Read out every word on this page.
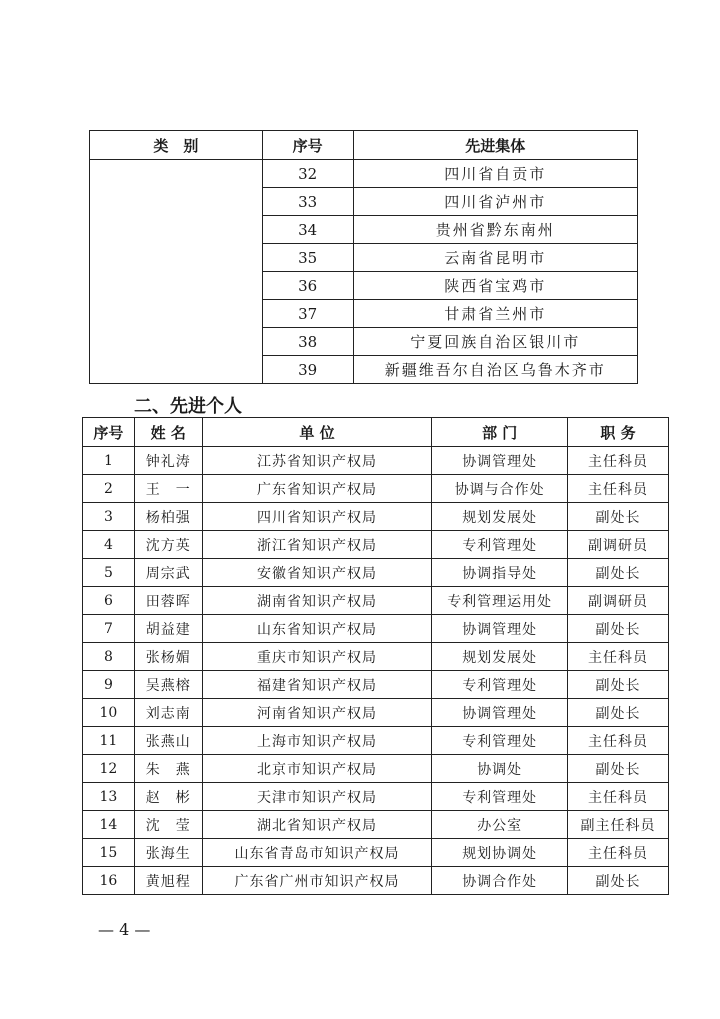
类　别	序号	先进集体
	32	四川省自贡市
	33	四川省泸州市
	34	贵州省黔东南州
	35	云南省昆明市
	36	陕西省宝鸡市
	37	甘肃省兰州市
	38	宁夏回族自治区银川市
	39	新疆维吾尔自治区乌鲁木齐市
二、先进个人
序号	姓 名	单 位	部 门	职 务
1	钟礼涛	江苏省知识产权局	协调管理处	主任科员
2	王　一	广东省知识产权局	协调与合作处	主任科员
3	杨柏强	四川省知识产权局	规划发展处	副处长
4	沈方英	浙江省知识产权局	专利管理处	副调研员
5	周宗武	安徽省知识产权局	协调指导处	副处长
6	田蓉晖	湖南省知识产权局	专利管理运用处	副调研员
7	胡益建	山东省知识产权局	协调管理处	副处长
8	张杨媚	重庆市知识产权局	规划发展处	主任科员
9	吴燕榕	福建省知识产权局	专利管理处	副处长
10	刘志南	河南省知识产权局	协调管理处	副处长
11	张燕山	上海市知识产权局	专利管理处	主任科员
12	朱　燕	北京市知识产权局	协调处	副处长
13	赵　彬	天津市知识产权局	专利管理处	主任科员
14	沈　莹	湖北省知识产权局	办公室	副主任科员
15	张海生	山东省青岛市知识产权局	规划协调处	主任科员
16	黄旭程	广东省广州市知识产权局	协调合作处	副处长
— 4 —
